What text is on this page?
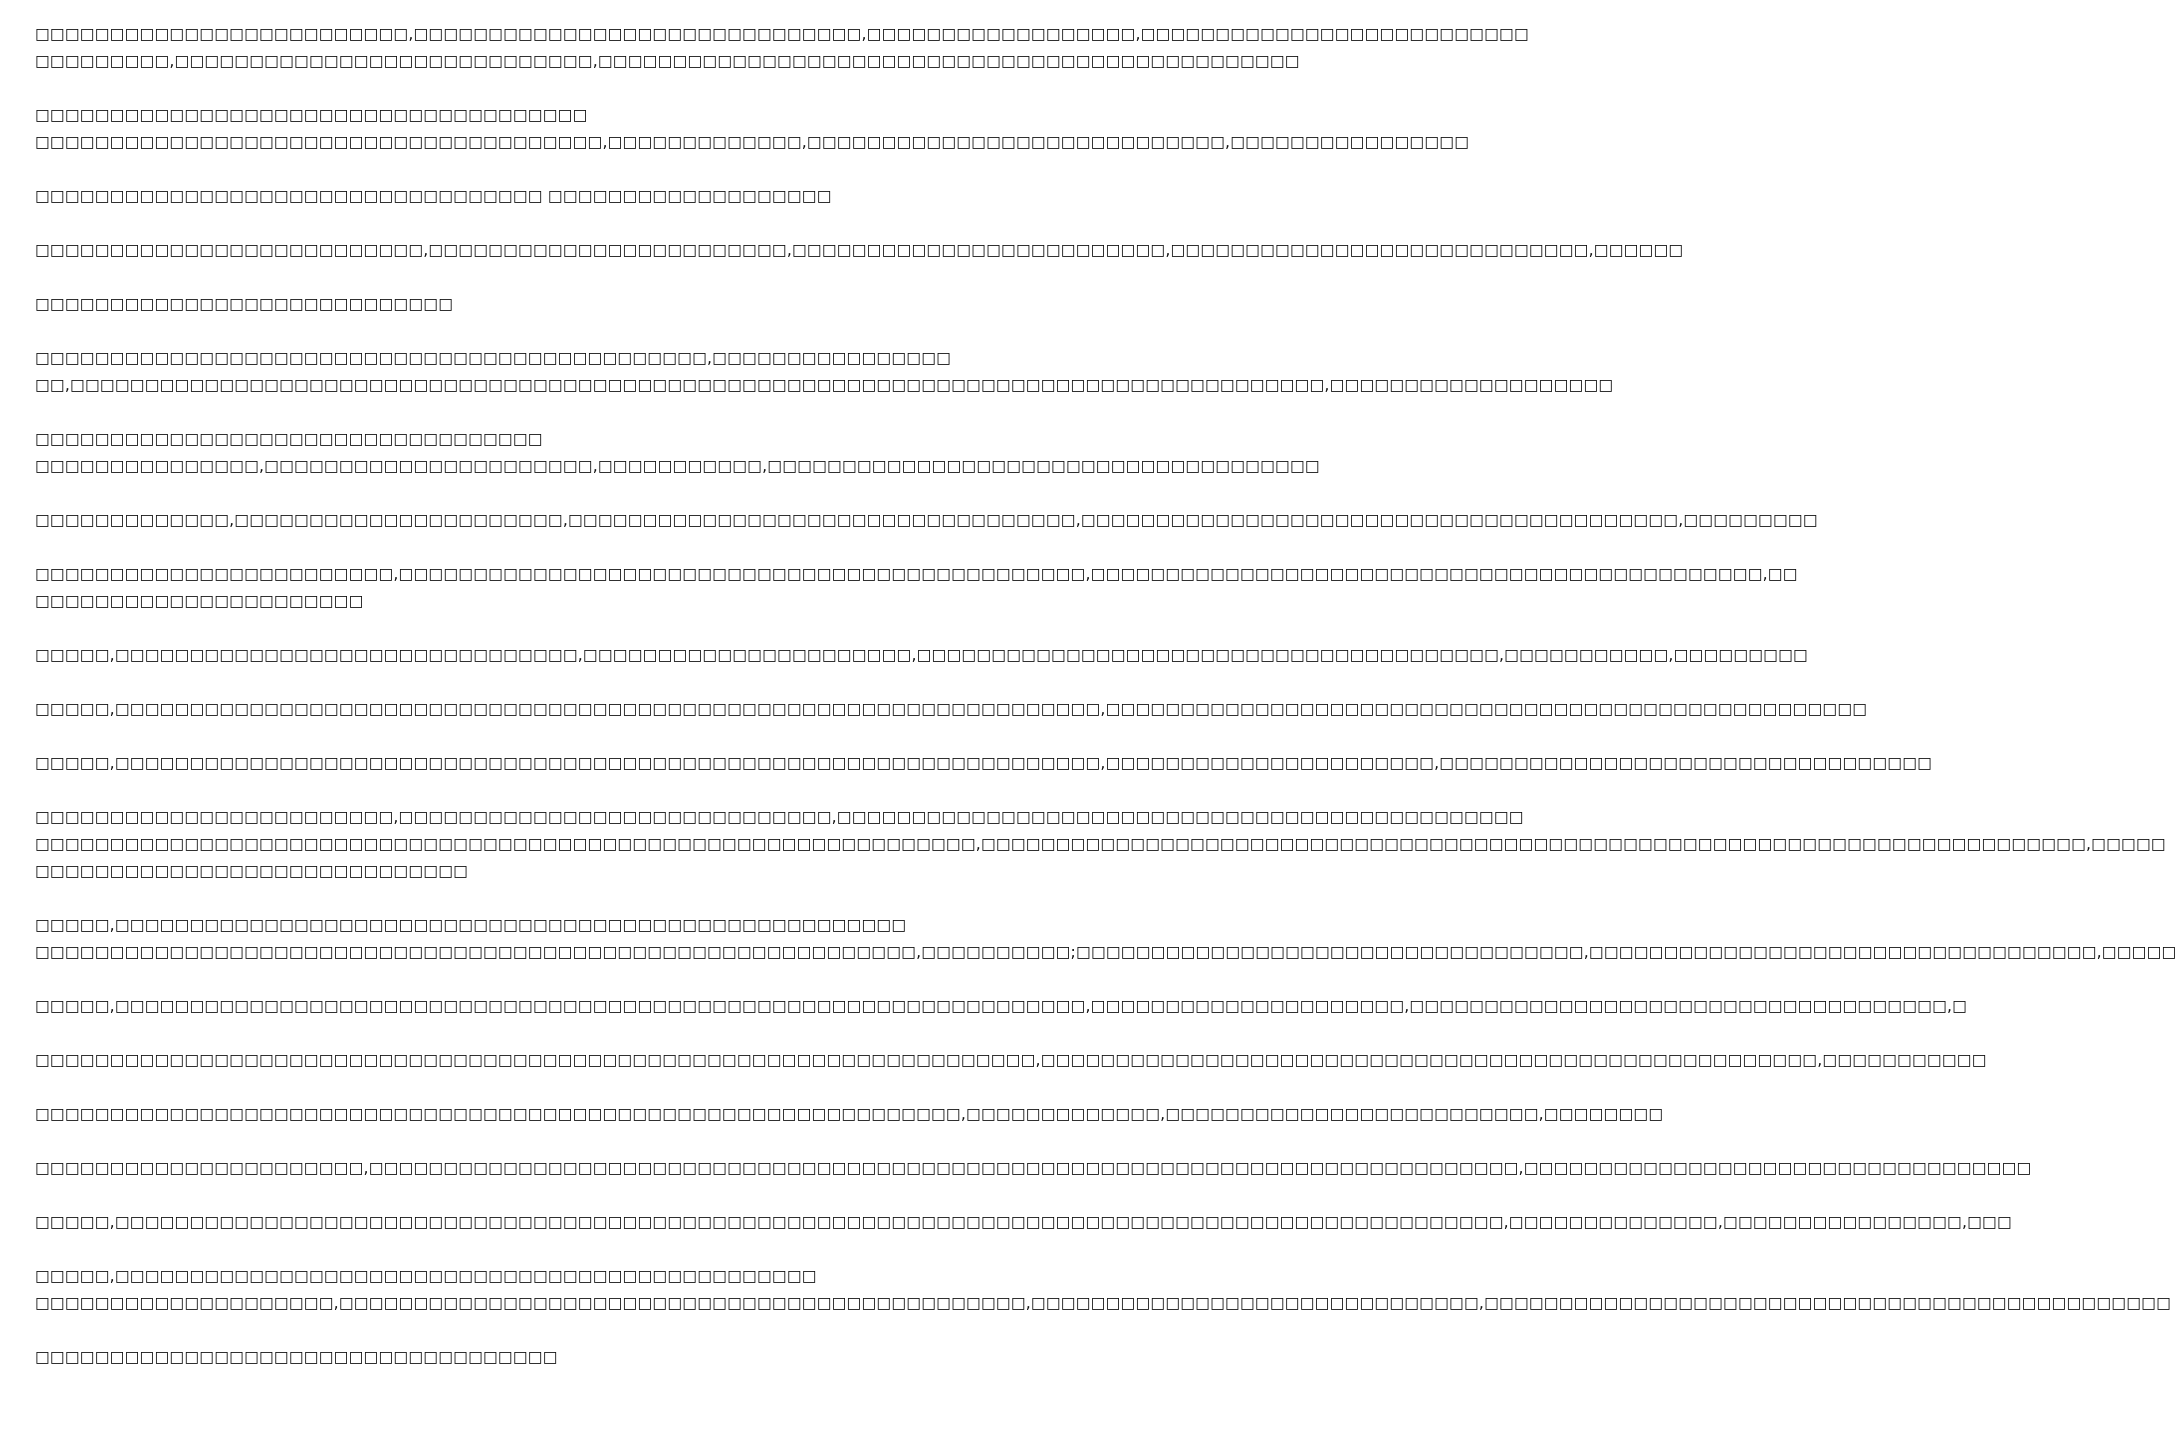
□□□□□□□□□□□□□□□□□□□□□□□□□,□□□□□□□□□□□□□□□□□□□□□□□□□□□□□□,□□□□□□□□□□□□□□□□□□,□□□□□□□□□□□□□□□□□□□□□□□□□□
□□□□□□□□□,□□□□□□□□□□□□□□□□□□□□□□□□□□□□,□□□□□□□□□□□□□□□□□□□□□□□□□□□□□□□□□□□□□□□□□□□□□□□
□□□□□□□□□□□□□□□□□□□□□□□□□□□□□□□□□□□□□
□□□□□□□□□□□□□□□□□□□□□□□□□□□□□□□□□□□□□□,□□□□□□□□□□□□□,□□□□□□□□□□□□□□□□□□□□□□□□□□□□,□□□□□□□□□□□□□□□□
□□□□□□□□□□□□□□□□□□□□□□□□□□□□□□□□□□ □□□□□□□□□□□□□□□□□□□
□□□□□□□□□□□□□□□□□□□□□□□□□□,□□□□□□□□□□□□□□□□□□□□□□□□,□□□□□□□□□□□□□□□□□□□□□□□□□,□□□□□□□□□□□□□□□□□□□□□□□□□□□□,□□□□□□
□□□□□□□□□□□□□□□□□□□□□□□□□□□□
□□□□□□□□□□□□□□□□□□□□□□□□□□□□□□□□□□□□□□□□□□□□□,□□□□□□□□□□□□□□□□
□□,□□□□□□□□□□□□□□□□□□□□□□□□□□□□□□□□□□□□□□□□□□□□□□□□□□□□□□□□□□□□□□□□□□□□□□□□□□□□□□□□□□□□,□□□□□□□□□□□□□□□□□□□
□□□□□□□□□□□□□□□□□□□□□□□□□□□□□□□□□□
□□□□□□□□□□□□□□□,□□□□□□□□□□□□□□□□□□□□□□,□□□□□□□□□□□,□□□□□□□□□□□□□□□□□□□□□□□□□□□□□□□□□□□□□
□□□□□□□□□□□□□,□□□□□□□□□□□□□□□□□□□□□□,□□□□□□□□□□□□□□□□□□□□□□□□□□□□□□□□□□,□□□□□□□□□□□□□□□□□□□□□□□□□□□□□□□□□□□□□□□□,□□□□□□□□□
□□□□□□□□□□□□□□□□□□□□□□□□,□□□□□□□□□□□□□□□□□□□□□□□□□□□□□□□□□□□□□□□□□□□□□□,□□□□□□□□□□□□□□□□□□□□□□□□□□□□□□□□□□□□□□□□□□□□□,□□
□□□□□□□□□□□□□□□□□□□□□□
□□□□□,□□□□□□□□□□□□□□□□□□□□□□□□□□□□□□□,□□□□□□□□□□□□□□□□□□□□□□,□□□□□□□□□□□□□□□□□□□□□□□□□□□□□□□□□□□□□□□,□□□□□□□□□□□,□□□□□□□□□
□□□□□,□□□□□□□□□□□□□□□□□□□□□□□□□□□□□□□□□□□□□□□□□□□□□□□□□□□□□□□□□□□□□□□□□□,□□□□□□□□□□□□□□□□□□□□□□□□□□□□□□□□□□□□□□□□□□□□□□□□□□□
□□□□□,□□□□□□□□□□□□□□□□□□□□□□□□□□□□□□□□□□□□□□□□□□□□□□□□□□□□□□□□□□□□□□□□□□,□□□□□□□□□□□□□□□□□□□□□□,□□□□□□□□□□□□□□□□□□□□□□□□□□□□□□□□□
□□□□□□□□□□□□□□□□□□□□□□□□,□□□□□□□□□□□□□□□□□□□□□□□□□□□□□,□□□□□□□□□□□□□□□□□□□□□□□□□□□□□□□□□□□□□□□□□□□□□□
□□□□□□□□□□□□□□□□□□□□□□□□□□□□□□□□□□□□□□□□□□□□□□□□□□□□□□□□□□□□□□□,□□□□□□□□□□□□□□□□□□□□□□□□□□□□□□□□□□□□□□□□□□□□□□□□□□□□□□□□□□□□□□□□□□□□□□□□□□,□□□□□
□□□□□□□□□□□□□□□□□□□□□□□□□□□□□
□□□□□,□□□□□□□□□□□□□□□□□□□□□□□□□□□□□□□□□□□□□□□□□□□□□□□□□□□□□
□□□□□□□□□□□□□□□□□□□□□□□□□□□□□□□□□□□□□□□□□□□□□□□□□□□□□□□□□□□,□□□□□□□□□□;□□□□□□□□□□□□□□□□□□□□□□□□□□□□□□□□□□,□□□□□□□□□□□□□□□□□□□□□□□□□□□□□□□□□□,□□□□□
□□□□□,□□□□□□□□□□□□□□□□□□□□□□□□□□□□□□□□□□□□□□□□□□□□□□□□□□□□□□□□□□□□□□□□□,□□□□□□□□□□□□□□□□□□□□□,□□□□□□□□□□□□□□□□□□□□□□□□□□□□□□□□□□□□,□
□□□□□□□□□□□□□□□□□□□□□□□□□□□□□□□□□□□□□□□□□□□□□□□□□□□□□□□□□□□□□□□□□□□,□□□□□□□□□□□□□□□□□□□□□□□□□□□□□□□□□□□□□□□□□□□□□□□□□□□□,□□□□□□□□□□□
□□□□□□□□□□□□□□□□□□□□□□□□□□□□□□□□□□□□□□□□□□□□□□□□□□□□□□□□□□□□□□,□□□□□□□□□□□□□,□□□□□□□□□□□□□□□□□□□□□□□□□,□□□□□□□□
□□□□□□□□□□□□□□□□□□□□□□,□□□□□□□□□□□□□□□□□□□□□□□□□□□□□□□□□□□□□□□□□□□□□□□□□□□□□□□□□□□□□□□□□□□□□□□□□□□□□,□□□□□□□□□□□□□□□□□□□□□□□□□□□□□□□□□□
□□□□□,□□□□□□□□□□□□□□□□□□□□□□□□□□□□□□□□□□□□□□□□□□□□□□□□□□□□□□□□□□□□□□□□□□□□□□□□□□□□□□□□□□□□□□□□□□□□□,□□□□□□□□□□□□□□,□□□□□□□□□□□□□□□□,□□□
□□□□□,□□□□□□□□□□□□□□□□□□□□□□□□□□□□□□□□□□□□□□□□□□□□□□□
□□□□□□□□□□□□□□□□□□□□,□□□□□□□□□□□□□□□□□□□□□□□□□□□□□□□□□□□□□□□□□□□□□□,□□□□□□□□□□□□□□□□□□□□□□□□□□□□□□,□□□□□□□□□□□□□□□□□□□□□□□□□□□□□□□□□□□□□□□□□□□□□□
□□□□□□□□□□□□□□□□□□□□□□□□□□□□□□□□□□□
